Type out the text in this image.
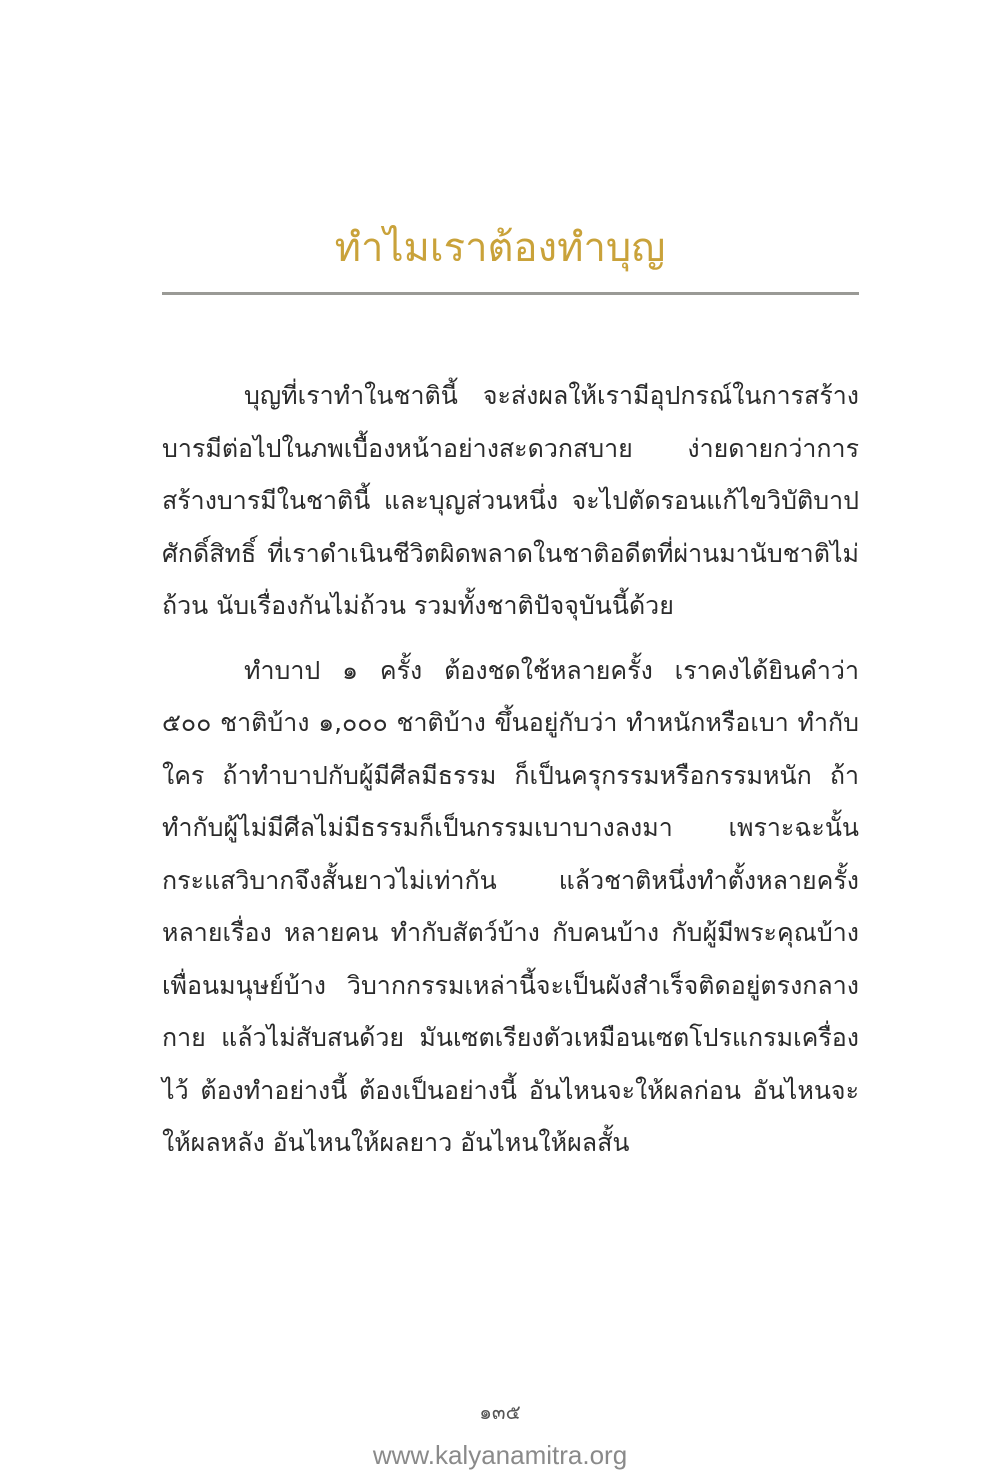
ทำไมเราต้องทำบุญ

บุญที่เราทำในชาตินี้ จะส่งผลให้เรามีอุปกรณ์ในการสร้างบารมีต่อไปในภพเบื้องหน้าอย่างสะดวกสบาย ง่ายดายกว่าการสร้างบารมีในชาตินี้ และบุญส่วนหนึ่ง จะไปตัดรอนแก้ไขวิบัติบาปศักดิ์สิทธิ์ ที่เราดำเนินชีวิตผิดพลาดในชาติอดีตที่ผ่านมานับชาติไม่ถ้วน นับเรื่องกันไม่ถ้วน รวมทั้งชาติปัจจุบันนี้ด้วย

ทำบาป ๑ ครั้ง ต้องชดใช้หลายครั้ง เราคงได้ยินคำว่า ๕๐๐ ชาติบ้าง ๑,๐๐๐ ชาติบ้าง ขึ้นอยู่กับว่า ทำหนักหรือเบา ทำกับใคร ถ้าทำบาปกับผู้มีศีลมีธรรม ก็เป็นครุกรรมหรือกรรมหนัก ถ้าทำกับผู้ไม่มีศีลไม่มีธรรมก็เป็นกรรมเบาบางลงมา เพราะฉะนั้นกระแสวิบากจึงสั้นยาวไม่เท่ากัน แล้วชาติหนึ่งทำตั้งหลายครั้ง หลายเรื่อง หลายคน ทำกับสัตว์บ้าง กับคนบ้าง กับผู้มีพระคุณบ้าง เพื่อนมนุษย์บ้าง วิบากกรรมเหล่านี้จะเป็นผังสำเร็จติดอยู่ตรงกลางกาย แล้วไม่สับสนด้วย มันเซตเรียงตัวเหมือนเซตโปรแกรมเครื่องไว้ ต้องทำอย่างนี้ ต้องเป็นอย่างนี้ อันไหนจะให้ผลก่อน อันไหนจะให้ผลหลัง อันไหนให้ผลยาว อันไหนให้ผลสั้น

๑๓๕
www.kalyanamitra.org
